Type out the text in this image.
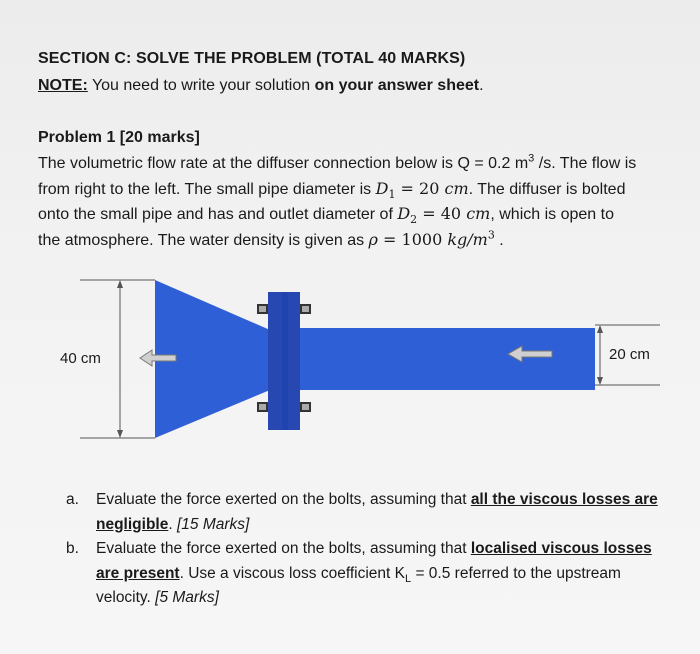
SECTION C: SOLVE THE PROBLEM (TOTAL 40 MARKS)
NOTE: You need to write your solution on your answer sheet.
Problem 1 [20 marks]
The volumetric flow rate at the diffuser connection below is Q = 0.2 $m^3$ /s. The flow is
from right to the left. The small pipe diameter is $D_1 = 20$ cm. The diffuser is bolted
onto the small pipe and has and outlet diameter of $D_2 = 40$ cm, which is open to
the atmosphere. The water density is given as ρ = 1000 $kg/m^3$ .
40 cm	20 cm
a. Evaluate the force exerted on the bolts, assuming that all the viscous losses are negligible. [15 Marks]
b. Evaluate the force exerted on the bolts, assuming that localised viscous losses are present. Use a viscous loss coefficient $K_L = 0.5$ referred to the upstream velocity. [5 Marks]
